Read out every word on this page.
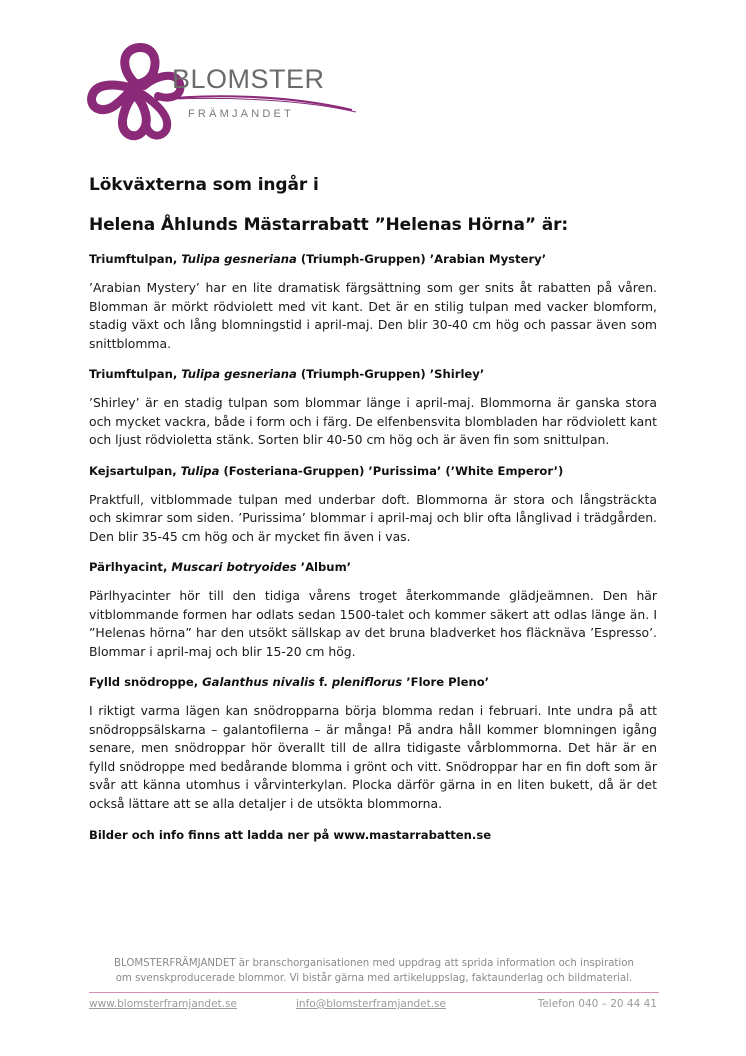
BLOMSTER
FRÄMJANDET
Lökväxterna som ingår i
Helena Åhlunds Mästarrabatt ”Helenas Hörna” är:

Triumftulpan, Tulipa gesneriana (Triumph-Gruppen) ’Arabian Mystery’

’Arabian Mystery’ har en lite dramatisk färgsättning som ger snits åt rabatten på våren. Blomman är mörkt rödviolett med vit kant. Det är en stilig tulpan med vacker blomform, stadig växt och lång blomningstid i april-maj. Den blir 30-40 cm hög och passar även som snittblomma.

Triumftulpan, Tulipa gesneriana (Triumph-Gruppen) ’Shirley’

’Shirley’ är en stadig tulpan som blommar länge i april-maj. Blommorna är ganska stora och mycket vackra, både i form och i färg. De elfenbensvita blombladen har rödviolett kant och ljust rödvioletta stänk. Sorten blir 40-50 cm hög och är även fin som snittulpan.

Kejsartulpan, Tulipa (Fosteriana-Gruppen) ’Purissima’ (’White Emperor’)

Praktfull, vitblommade tulpan med underbar doft. Blommorna är stora och långsträckta och skimrar som siden. ’Purissima’ blommar i april-maj och blir ofta långlivad i trädgården. Den blir 35-45 cm hög och är mycket fin även i vas.

Pärlhyacint, Muscari botryoides ’Album’

Pärlhyacinter hör till den tidiga vårens troget återkommande glädjeämnen. Den här vitblommande formen har odlats sedan 1500-talet och kommer säkert att odlas länge än. I ”Helenas hörna” har den utsökt sällskap av det bruna bladverket hos fläcknäva ’Espresso’. Blommar i april-maj och blir 15-20 cm hög.

Fylld snödroppe, Galanthus nivalis f. pleniflorus ’Flore Pleno’

I riktigt varma lägen kan snödropparna börja blomma redan i februari. Inte undra på att snödroppsälskarna – galantofilerna – är många! På andra håll kommer blomningen igång senare, men snödroppar hör överallt till de allra tidigaste vårblommorna. Det här är en fylld snödroppe med bedårande blomma i grönt och vitt. Snödroppar har en fin doft som är svår att känna utomhus i vårvinterkylan. Plocka därför gärna in en liten bukett, då är det också lättare att se alla detaljer i de utsökta blommorna.

Bilder och info finns att ladda ner på www.mastarrabatten.se

BLOMSTERFRÄMJANDET är branschorganisationen med uppdrag att sprida information och inspiration
om svenskproducerade blommor. Vi bistår gärna med artikeluppslag, faktaunderlag och bildmaterial.
www.blomsterframjandet.se	info@blomsterframjandet.se	Telefon 040 – 20 44 41
